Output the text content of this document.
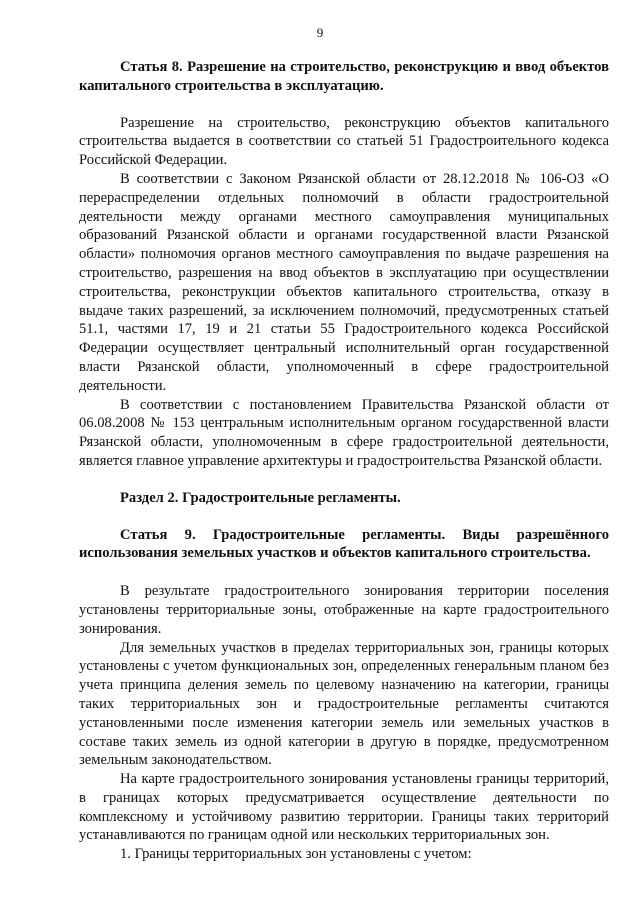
9
Статья 8. Разрешение на строительство, реконструкцию и ввод объектов капитального строительства в эксплуатацию.

Разрешение на строительство, реконструкцию объектов капитального строительства выдается в соответствии со статьей 51 Градостроительного кодекса Российской Федерации.

В соответствии с Законом Рязанской области от 28.12.2018 № 106-ОЗ «О перераспределении отдельных полномочий в области градостроительной деятельности между органами местного самоуправления муниципальных образований Рязанской области и органами государственной власти Рязанской области» полномочия органов местного самоуправления по выдаче разрешения на строительство, разрешения на ввод объектов в эксплуатацию при осуществлении строительства, реконструкции объектов капитального строительства, отказу в выдаче таких разрешений, за исключением полномочий, предусмотренных статьей 51.1, частями 17, 19 и 21 статьи 55 Градостроительного кодекса Российской Федерации осуществляет центральный исполнительный орган государственной власти Рязанской области, уполномоченный в сфере градостроительной деятельности.

В соответствии с постановлением Правительства Рязанской области от 06.08.2008 № 153 центральным исполнительным органом государственной власти Рязанской области, уполномоченным в сфере градостроительной деятельности, является главное управление архитектуры и градостроительства Рязанской области.

Раздел 2. Градостроительные регламенты.
Статья 9. Градостроительные регламенты. Виды разрешённого использования земельных участков и объектов капитального строительства.

В результате градостроительного зонирования территории поселения установлены территориальные зоны, отображенные на карте градостроительного зонирования.

Для земельных участков в пределах территориальных зон, границы которых установлены с учетом функциональных зон, определенных генеральным планом без учета принципа деления земель по целевому назначению на категории, границы таких территориальных зон и градостроительные регламенты считаются установленными после изменения категории земель или земельных участков в составе таких земель из одной категории в другую в порядке, предусмотренном земельным законодательством.

На карте градостроительного зонирования установлены границы территорий, в границах которых предусматривается осуществление деятельности по комплексному и устойчивому развитию территории. Границы таких территорий устанавливаются по границам одной или нескольких территориальных зон.

1. Границы территориальных зон установлены с учетом:
